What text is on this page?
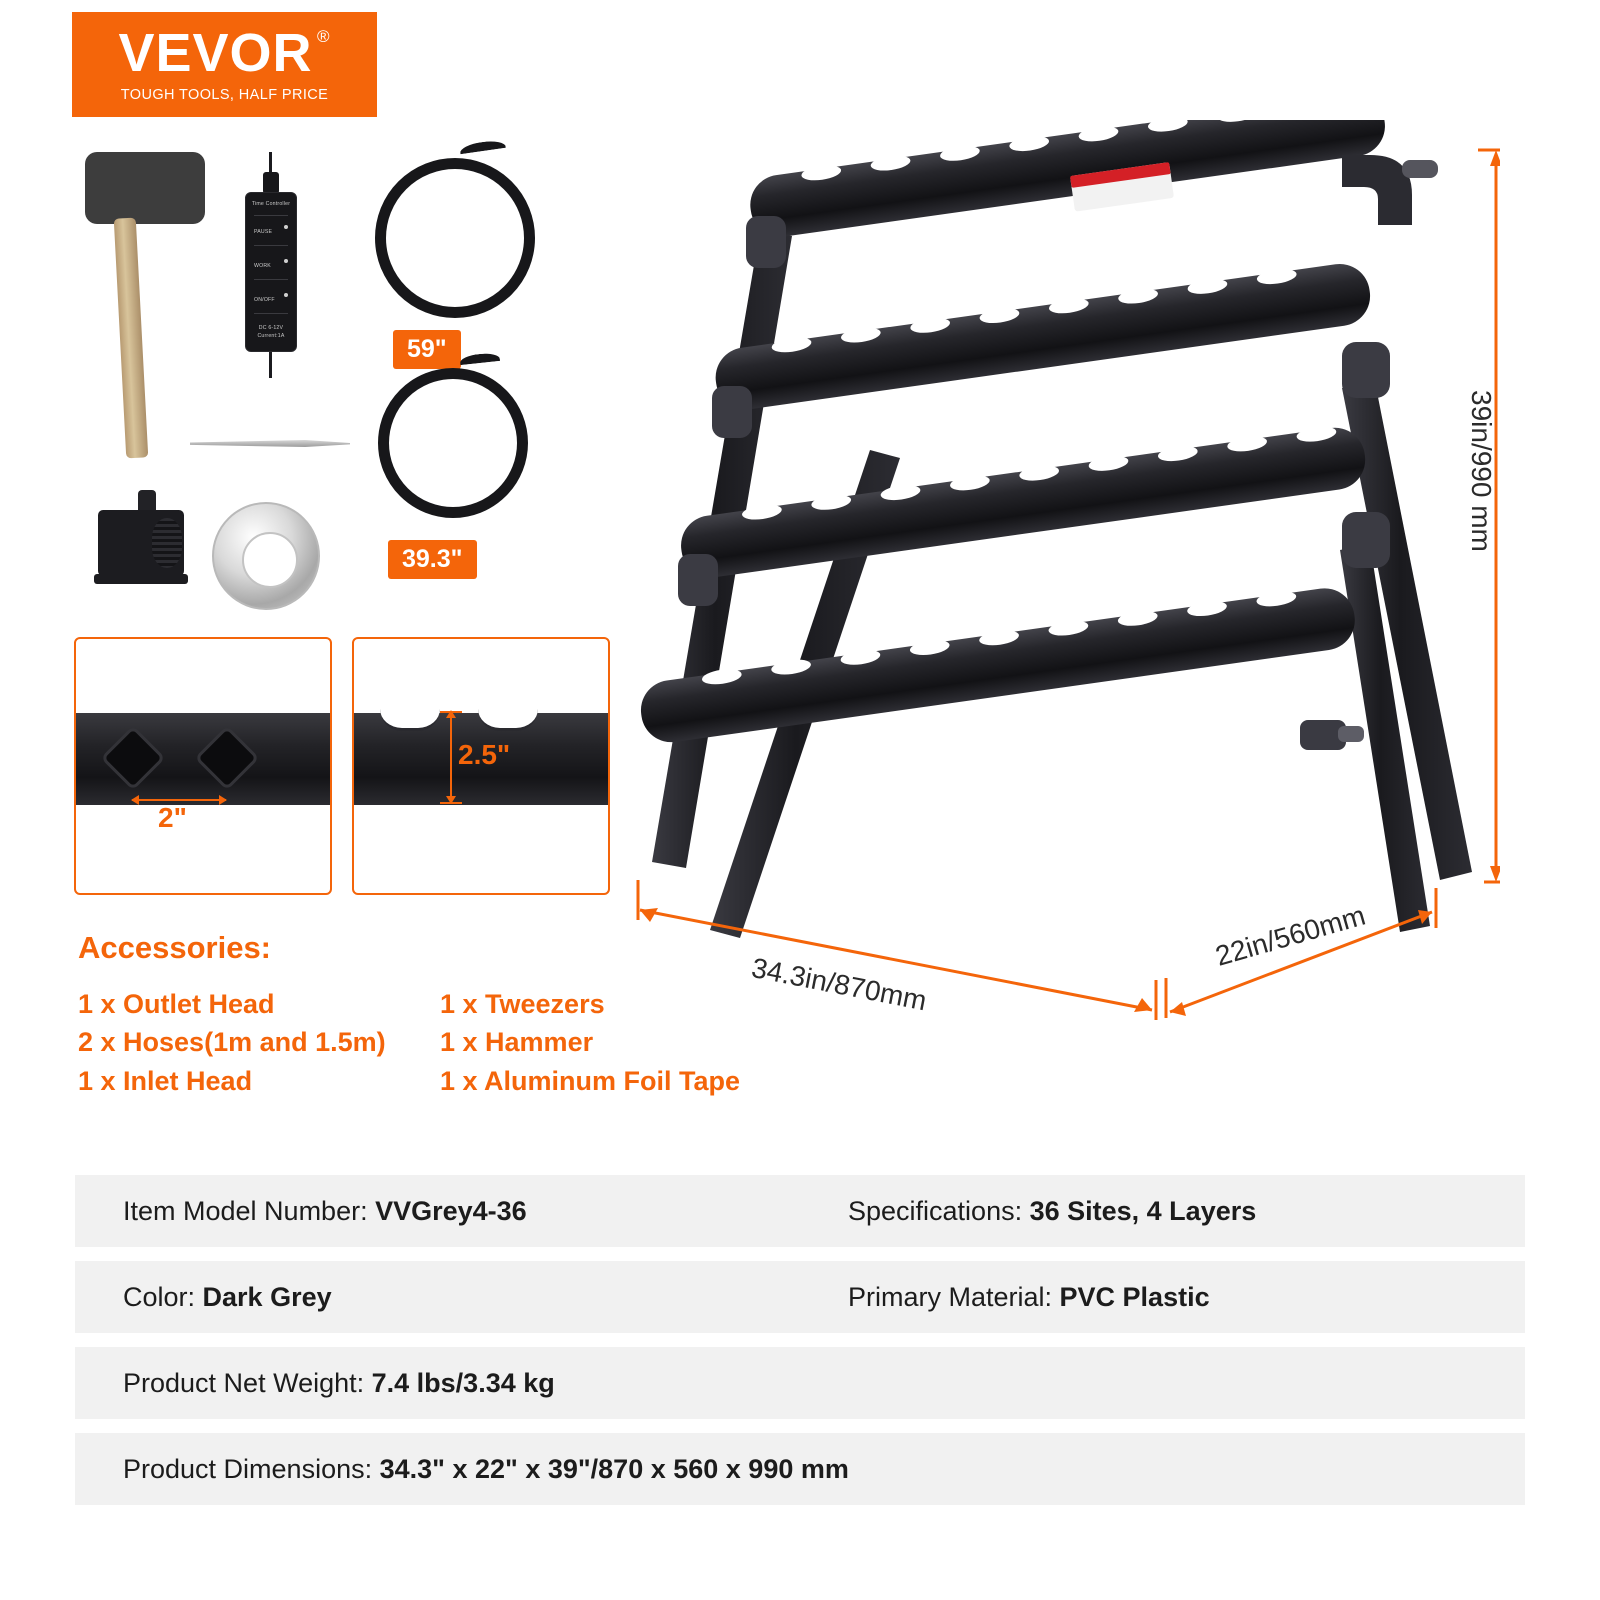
VEVOR ®
TOUGH TOOLS, HALF PRICE
Time Controller
PAUSE
WORK
ON/OFF
DC 6-12V Current:1A	59"
39.3"
2"
2.5"
Accessories:
1 x Outlet Head
2 x Hoses(1m and 1.5m)
1 x Inlet Head
1 x Tweezers
1 x Hammer
1 x Aluminum Foil Tape
39in/990 mm
34.3in/870mm
22in/560mm
Item Model Number: VVGrey4-36	Specifications: 36 Sites, 4 Layers
Color: Dark Grey	Primary Material: PVC Plastic
Product Net Weight: 7.4 lbs/3.34 kg
Product Dimensions: 34.3" x 22" x 39"/870 x 560 x 990 mm
